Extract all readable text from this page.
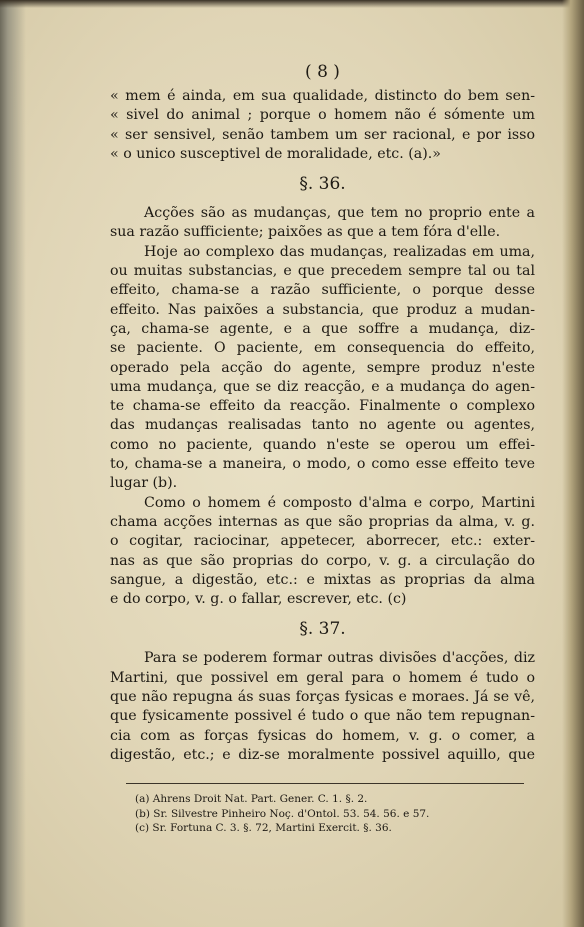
( 8 )
« mem é ainda, em sua qualidade, distincto do bem sen-
« sivel do animal ; porque o homem não é sómente um
« ser sensivel, senão tambem um ser racional, e por isso
« o unico susceptivel de moralidade, etc. (a).»
§. 36.
Acções são as mudanças, que tem no proprio ente a
sua razão sufficiente; paixões as que a tem fóra d'elle.
Hoje ao complexo das mudanças, realizadas em uma,
ou muitas substancias, e que precedem sempre tal ou tal
effeito, chama-se a razão sufficiente, o porque desse
effeito. Nas paixões a substancia, que produz a mudan-
ça, chama-se agente, e a que soffre a mudança, diz-
se paciente. O paciente, em consequencia do effeito,
operado pela acção do agente, sempre produz n'este
uma mudança, que se diz reacção, e a mudança do agen-
te chama-se effeito da reacção. Finalmente o complexo
das mudanças realisadas tanto no agente ou agentes,
como no paciente, quando n'este se operou um effei-
to, chama-se a maneira, o modo, o como esse effeito teve
lugar (b).
Como o homem é composto d'alma e corpo, Martini
chama acções internas as que são proprias da alma, v. g.
o cogitar, raciocinar, appetecer, aborrecer, etc.: exter-
nas as que são proprias do corpo, v. g. a circulação do
sangue, a digestão, etc.: e mixtas as proprias da alma
e do corpo, v. g. o fallar, escrever, etc. (c)
§. 37.
Para se poderem formar outras divisões d'acções, diz
Martini, que possivel em geral para o homem é tudo o
que não repugna ás suas forças fysicas e moraes. Já se vê,
que fysicamente possivel é tudo o que não tem repugnan-
cia com as forças fysicas do homem, v. g. o comer, a
digestão, etc.; e diz-se moralmente possivel aquillo, que
(a) Ahrens Droit Nat. Part. Gener. C. 1. §. 2.
(b) Sr. Silvestre Pinheiro Noç. d'Ontol. 53. 54. 56. e 57.
(c) Sr. Fortuna C. 3. §. 72, Martini Exercit. §. 36.
